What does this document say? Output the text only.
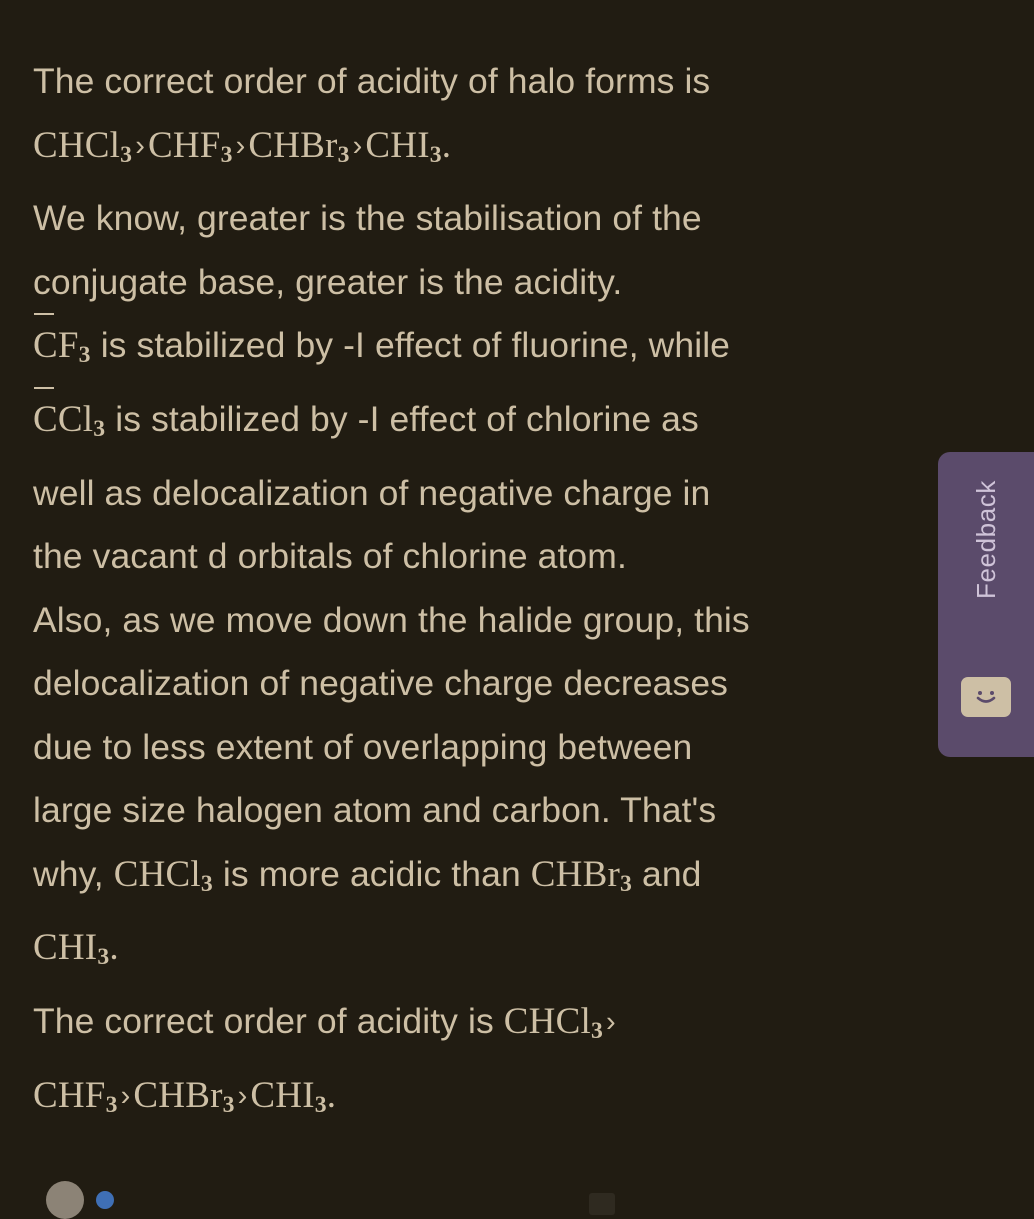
The correct order of acidity of halo forms is

CHCl$_3$ $›CHF_3$ ›CHBr$_3$ $›CHI_3$.

We know, greater is the stabilisation of the

conjugate base, greater is the acidity.

$CF_3$ is stabilized by -I effect of fluorine, while

CCl$_3$ is stabilized by -I effect of chlorine as

well as delocalization of negative charge in

the vacant d orbitals of chlorine atom.

Also, as we move down the halide group, this

delocalization of negative charge decreases

due to less extent of overlapping between

large size halogen atom and carbon. That's

why, CHCl$_3$ is more acidic than CHBr$_3$ and

$CHI_3$.

The correct order of acidity is CHCl$_3$ ›

$CHF_3$ ›CHBr$_3$ $›CHI_3$.

Feedback
